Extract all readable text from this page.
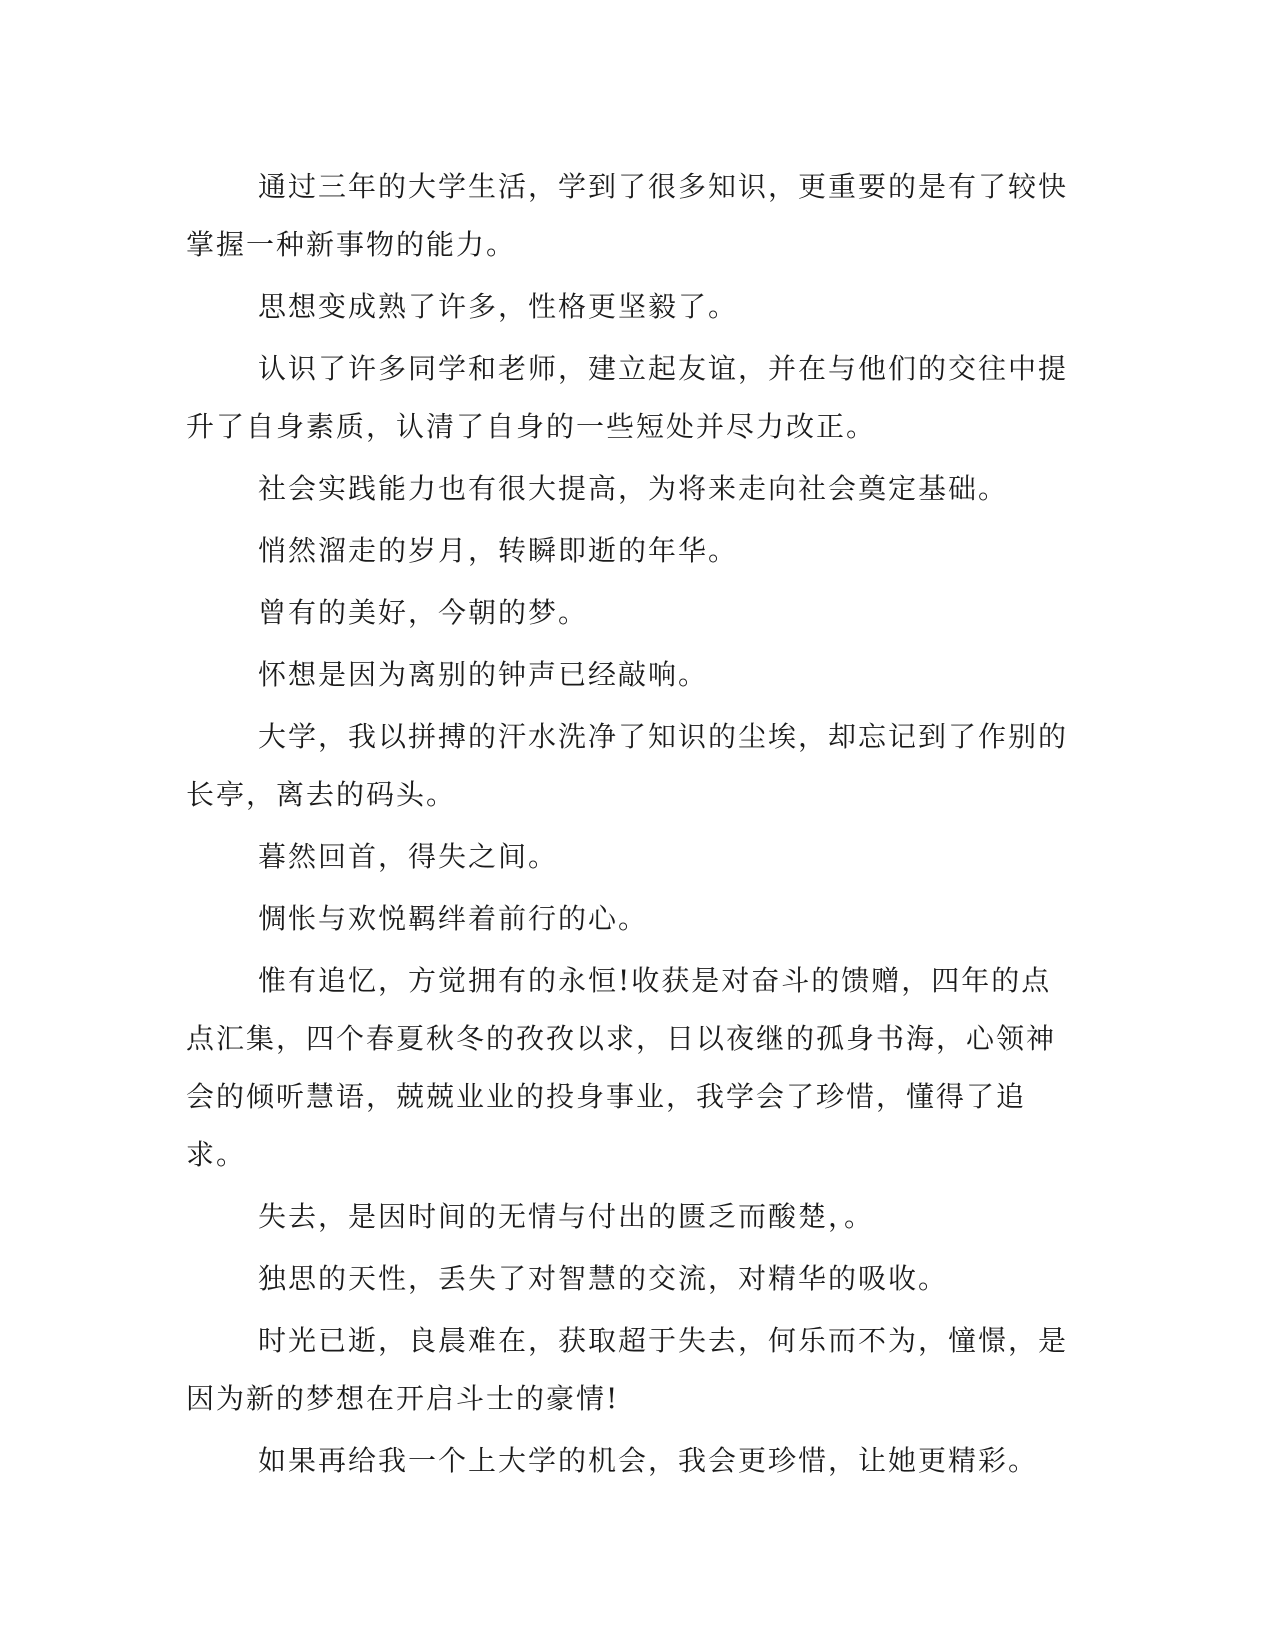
通过三年的大学生活，学到了很多知识，更重要的是有了较快掌握一种新事物的能力。

思想变成熟了许多，性格更坚毅了。

认识了许多同学和老师，建立起友谊，并在与他们的交往中提升了自身素质，认清了自身的一些短处并尽力改正。

社会实践能力也有很大提高，为将来走向社会奠定基础。

悄然溜走的岁月，转瞬即逝的年华。

曾有的美好，今朝的梦。

怀想是因为离别的钟声已经敲响。

大学，我以拼搏的汗水洗净了知识的尘埃，却忘记到了作别的长亭，离去的码头。

暮然回首，得失之间。

惆怅与欢悦羁绊着前行的心。

惟有追忆，方觉拥有的永恒!收获是对奋斗的馈赠，四年的点点汇集，四个春夏秋冬的孜孜以求，日以夜继的孤身书海，心领神会的倾听慧语，兢兢业业的投身事业，我学会了珍惜，懂得了追求。

失去，是因时间的无情与付出的匮乏而酸楚，。

独思的天性，丢失了对智慧的交流，对精华的吸收。

时光已逝，良晨难在，获取超于失去，何乐而不为，憧憬，是因为新的梦想在开启斗士的豪情!

如果再给我一个上大学的机会，我会更珍惜，让她更精彩。
